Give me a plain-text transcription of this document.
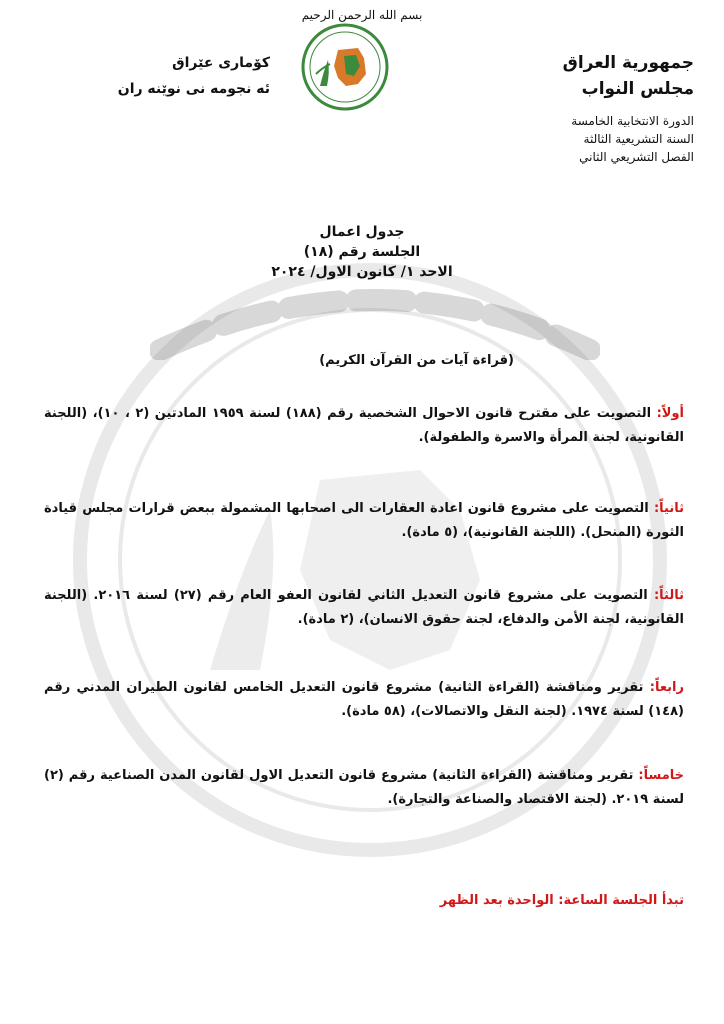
بسم الله الرحمن الرحيم
جمهورية العراق
مجلس النواب
الدورة الانتخابية الخامسة
السنة التشريعية الثالثة
الفصل التشريعي الثاني
كۆماری عێراق
ئه نجومه نی نوێنه ران
جدول اعمال
الجلسة رقم (١٨)
الاحد ١/ كانون الاول/ ٢٠٢٤
(قراءة آيات من القرآن الكريم)
أولاً: التصويت على مقترح قانون الاحوال الشخصية رقم (١٨٨) لسنة ١٩٥٩ المادتين (٢ ، ١٠)، (اللجنة القانونية، لجنة المرأة والاسرة والطفولة).
ثانياً: التصويت على مشروع قانون اعادة العقارات الى اصحابها المشمولة ببعض قرارات مجلس قيادة الثورة (المنحل). (اللجنة القانونية)، (٥ مادة).
ثالثاً: التصويت على مشروع قانون التعديل الثاني لقانون العفو العام رقم (٢٧) لسنة ٢٠١٦. (اللجنة القانونية، لجنة الأمن والدفاع، لجنة حقوق الانسان)، (٢ مادة).
رابعاً: تقرير ومناقشة (القراءة الثانية) مشروع قانون التعديل الخامس لقانون الطيران المدني رقم (١٤٨) لسنة ١٩٧٤. (لجنة النقل والاتصالات)، (٥٨ مادة).
خامساً: تقرير ومناقشة (القراءة الثانية) مشروع قانون التعديل الاول لقانون المدن الصناعية رقم (٢) لسنة ٢٠١٩. (لجنة الاقتصاد والصناعة والتجارة).
تبدأ الجلسة الساعة: الواحدة بعد الظهر
